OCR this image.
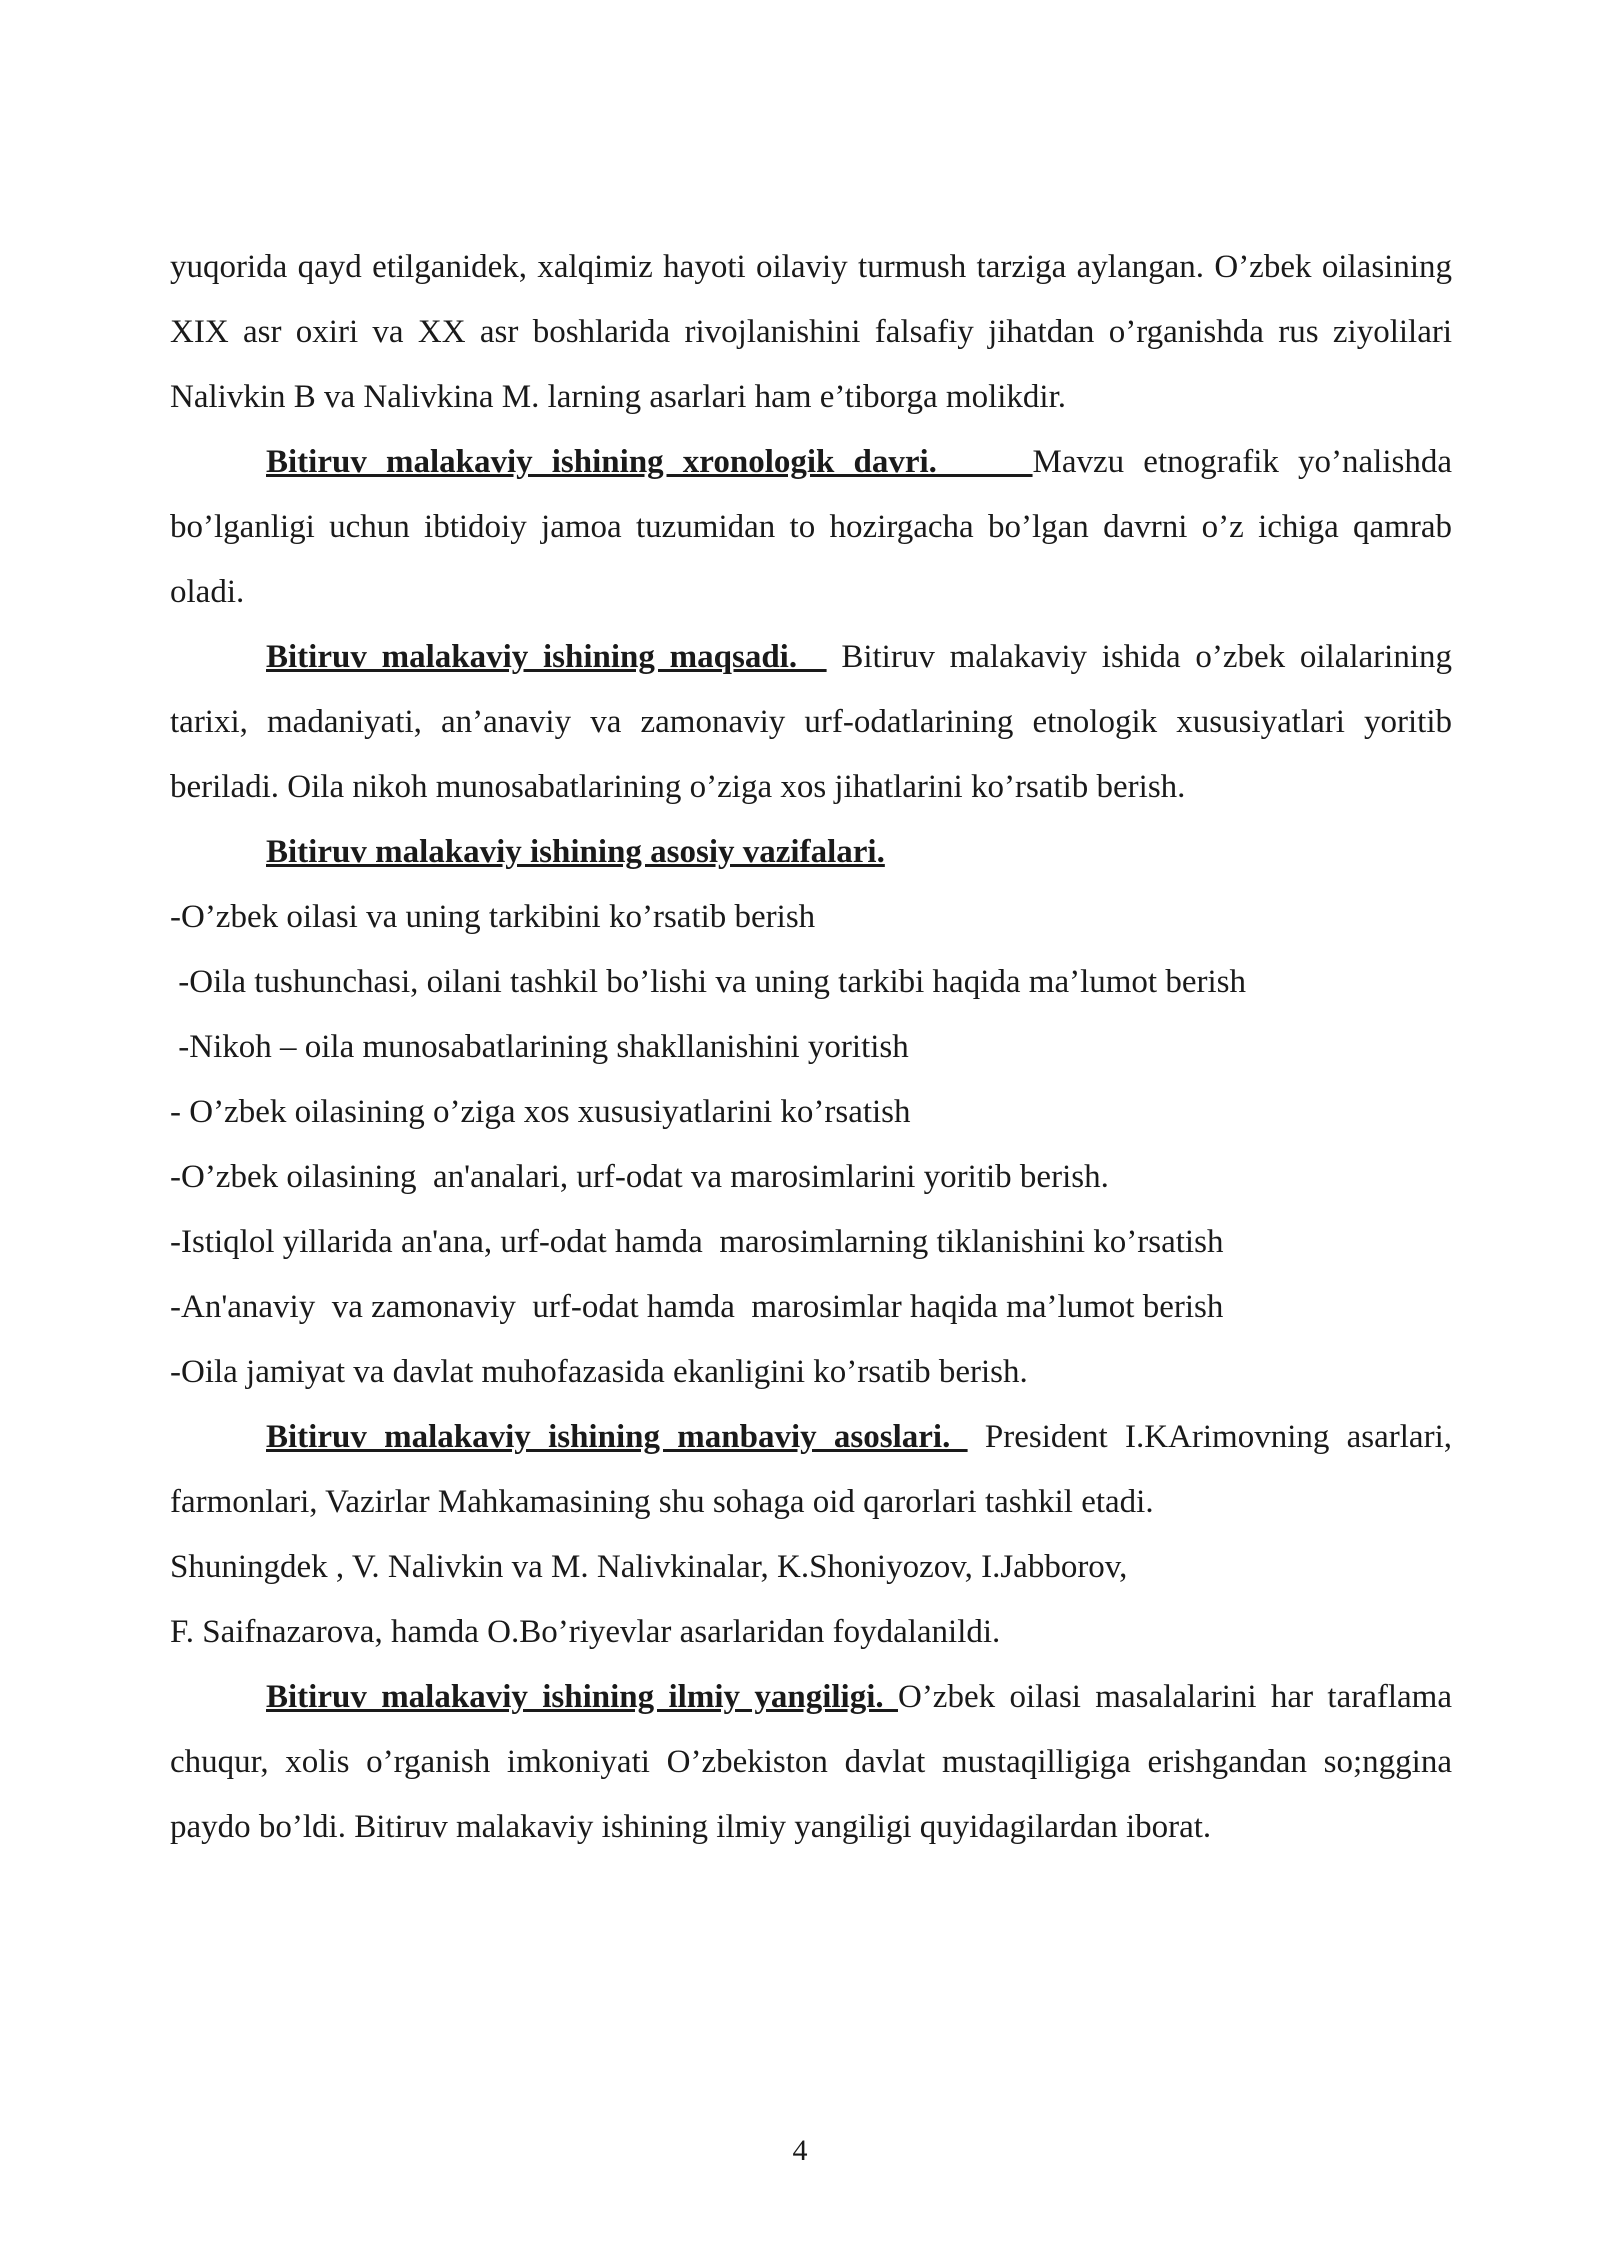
yuqorida qayd etilganidek, xalqimiz hayoti oilaviy turmush tarziga aylangan. O’zbek oilasining XIX asr oxiri va XX asr boshlarida rivojlanishini falsafiy jihatdan o’rganishda rus ziyolilari Nalivkin B va Nalivkina M. larning asarlari ham e’tiborga molikdir.

Bitiruv malakaviy ishining xronologik davri.     Mavzu etnografik yo’nalishda bo’lganligi uchun ibtidoiy jamoa tuzumidan to hozirgacha bo’lgan davrni o’z ichiga qamrab oladi.

Bitiruv malakaviy ishining maqsadi.   Bitiruv malakaviy ishida o’zbek oilalarining tarixi, madaniyati, an’anaviy va zamonaviy urf-odatlarining etnologik xususiyatlari yoritib beriladi. Oila nikoh munosabatlarining o’ziga xos jihatlarini ko’rsatib berish.

Bitiruv malakaviy ishining asosiy vazifalari.

-O’zbek oilasi va uning tarkibini ko’rsatib berish

-Oila tushunchasi, oilani tashkil bo’lishi va uning tarkibi haqida ma’lumot berish

-Nikoh – oila munosabatlarining shakllanishini yoritish

- O’zbek oilasining o’ziga xos xususiyatlarini ko’rsatish

-O’zbek oilasining  an'analari, urf-odat va marosimlarini yoritib berish.

-Istiqlol yillarida an'ana, urf-odat hamda  marosimlarning tiklanishini ko’rsatish

-An'anaviy  va zamonaviy  urf-odat hamda  marosimlar haqida ma’lumot berish

-Oila jamiyat va davlat muhofazasida ekanligini ko’rsatib berish.

Bitiruv malakaviy ishining manbaviy asoslari.  President I.KArimovning asarlari, farmonlari, Vazirlar Mahkamasining shu sohaga oid qarorlari tashkil etadi.

Shuningdek , V. Nalivkin va M. Nalivkinalar, K.Shoniyozov, I.Jabborov,

F. Saifnazarova, hamda O.Bo’riyevlar asarlaridan foydalanildi.

Bitiruv malakaviy ishining ilmiy yangiligi. O’zbek oilasi masalalarini har taraflama chuqur, xolis o’rganish imkoniyati O’zbekiston davlat mustaqilligiga erishgandan so;nggina paydo bo’ldi. Bitiruv malakaviy ishining ilmiy yangiligi quyidagilardan iborat.

4
